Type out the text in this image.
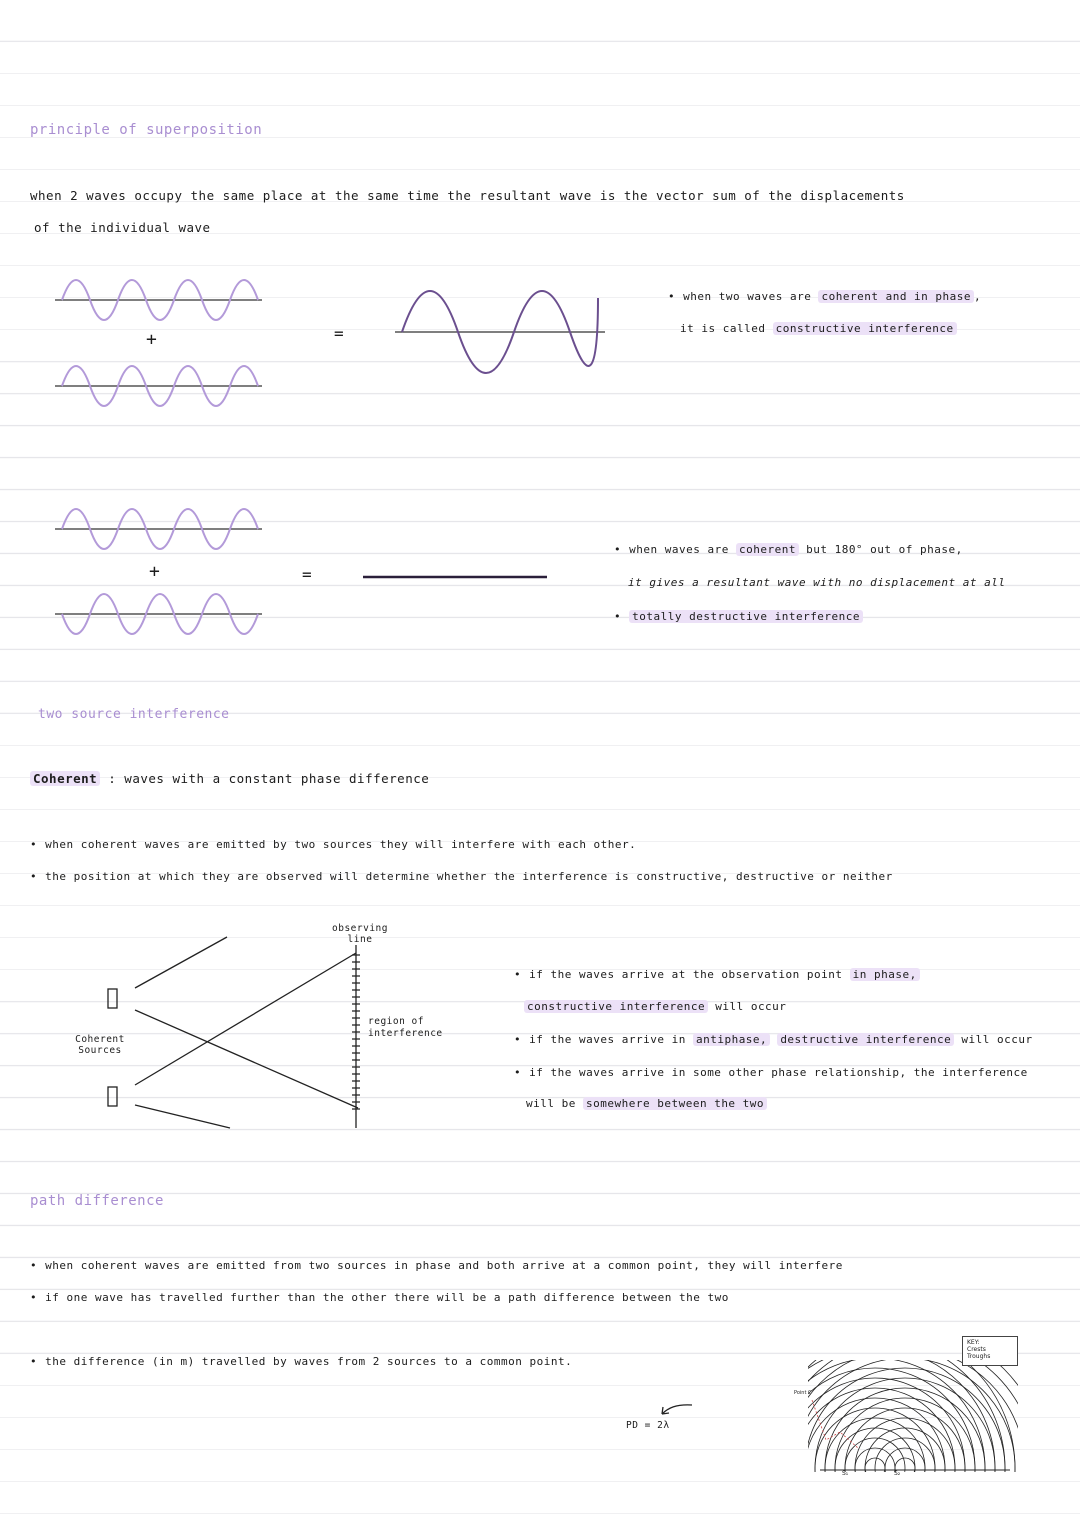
principle of superposition
when 2 waves occupy the same place at the same time the resultant wave is the vector sum of the displacements
of the individual wave
+	=
+	=
• when two waves are coherent and in phase ,
it is called constructive interference
• when waves are coherent but 180° out of phase,
it gives a resultant wave with no displacement at all
• totally destructive interference
two source interference
Coherent : waves with a constant phase difference
• when coherent waves are emitted by two sources they will interfere with each other.
• the position at which they are observed will determine whether the interference is constructive, destructive or neither
observing line
region of interference
Coherent Sources
• if the waves arrive at the observation point in phase,
constructive interference will occur
• if the waves arrive in antiphase, destructive interference will occur
• if the waves arrive in some other phase relationship, the interference
will be somewhere between the two
path difference
• when coherent waves are emitted from two sources in phase and both arrive at a common point, they will interfere
• if one wave has travelled further than the other there will be a path difference between the two
• the difference (in m) travelled by waves from 2 sources to a common point.
PD = 2λ
KEY:
Crests
Troughs
Point C
S₁	S₂
